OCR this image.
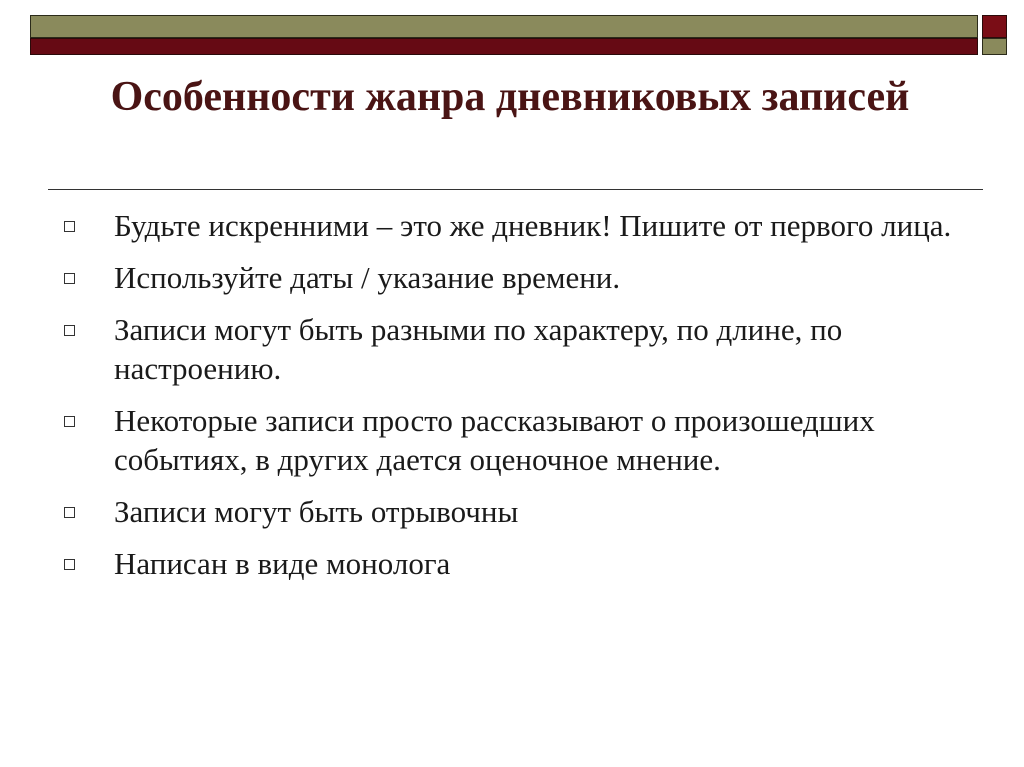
Особенности жанра дневниковых записей
Будьте искренними – это же дневник! Пишите от первого лица.
Используйте даты / указание времени.
Записи могут быть разными по характеру, по длине, по настроению.
Некоторые записи просто рассказывают о произошедших событиях, в других дается оценочное мнение.
Записи могут быть отрывочны
Написан в виде монолога
